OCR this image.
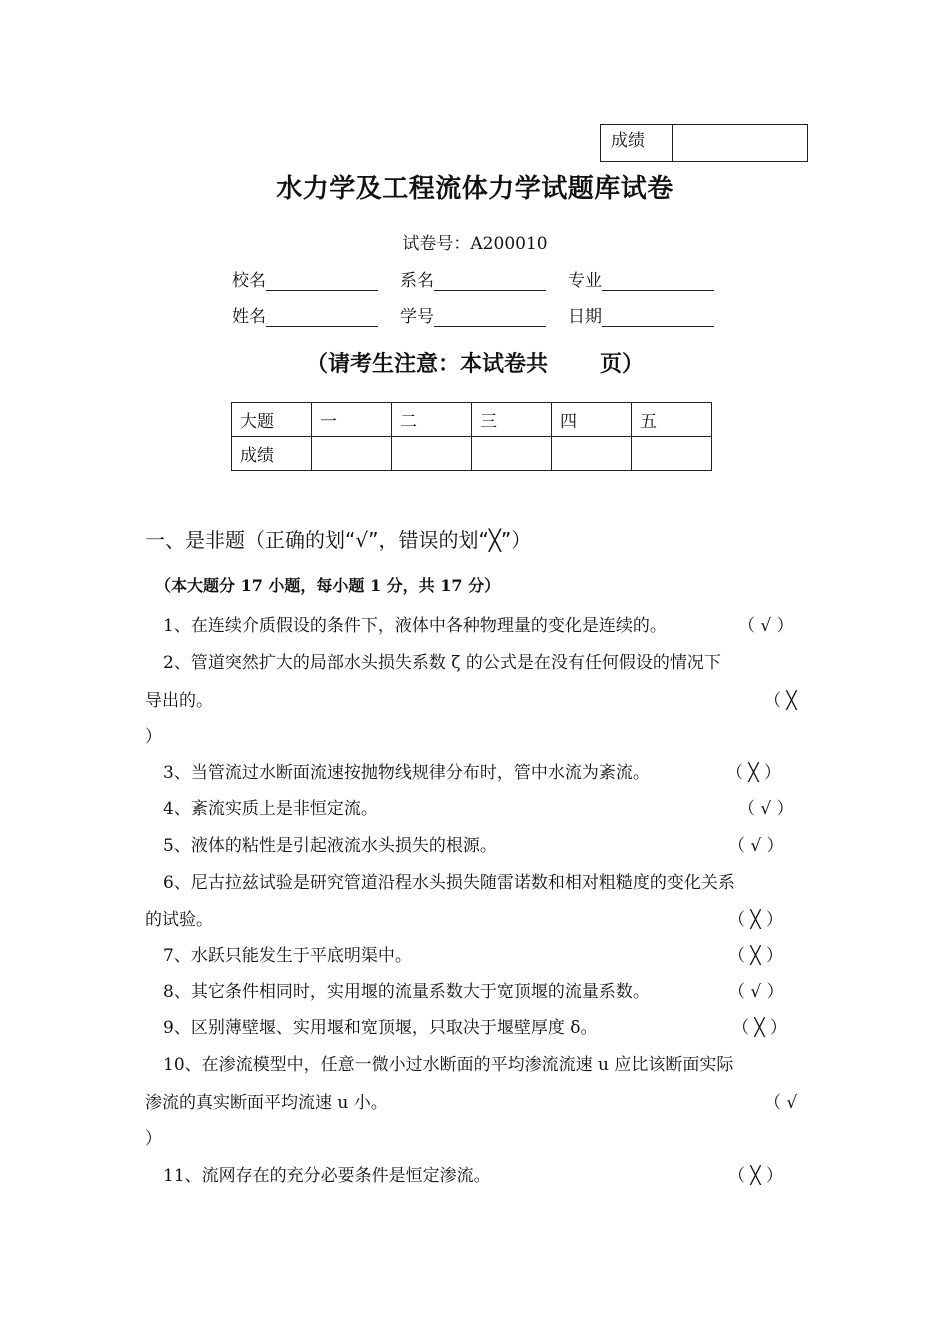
成绩
水力学及工程流体力学试题库试卷
试卷号：A200010
校名	系名	专业
姓名	学号	日期
（请考生注意：本试卷共 页）
大题	一	二	三	四	五
成绩					
一、是非题（正确的划“√”，错误的划“╳”）
（本大题分 17 小题，每小题 1 分，共 17 分）
1、在连续介质假设的条件下，液体中各种物理量的变化是连续的。	（ √ ）
2、管道突然扩大的局部水头损失系数 ζ 的公式是在没有任何假设的情况下
导出的。	（ ╳
）
3、当管流过水断面流速按抛物线规律分布时，管中水流为紊流。	（ ╳ ）
4、紊流实质上是非恒定流。	（ √ ）
5、液体的粘性是引起液流水头损失的根源。	（ √ ）
6、尼古拉兹试验是研究管道沿程水头损失随雷诺数和相对粗糙度的变化关系
的试验。	（ ╳ ）
7、水跃只能发生于平底明渠中。	（ ╳ ）
8、其它条件相同时，实用堰的流量系数大于宽顶堰的流量系数。	（ √ ）
9、区别薄壁堰、实用堰和宽顶堰，只取决于堰壁厚度 δ。	（ ╳ ）
10、在渗流模型中，任意一微小过水断面的平均渗流流速 u 应比该断面实际
渗流的真实断面平均流速 u 小。	（ √
）
11、流网存在的充分必要条件是恒定渗流。	（ ╳ ）
